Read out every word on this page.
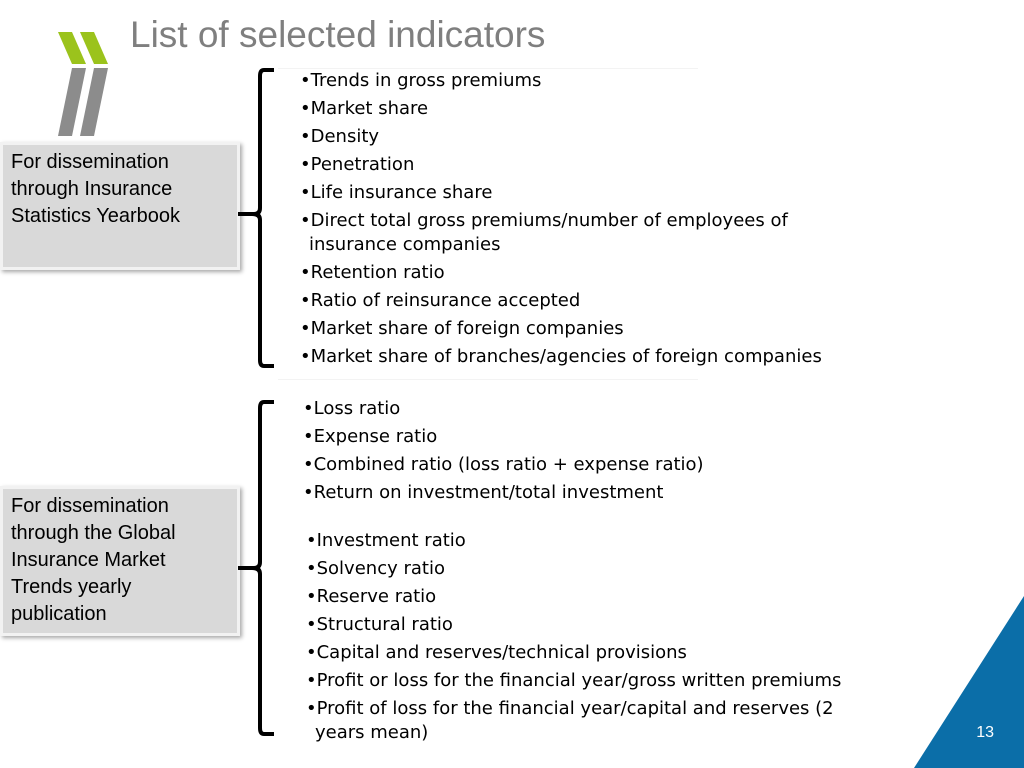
List of selected indicators
For dissemination through Insurance Statistics Yearbook
For dissemination through the Global Insurance Market Trends yearly publication
•Trends in gross premiums
•Market share
•Density
•Penetration
•Life insurance share
•Direct total gross premiums/number of employees of insurance companies
•Retention ratio
•Ratio of reinsurance accepted
•Market share of foreign companies
•Market share of branches/agencies of foreign companies
•Loss ratio
•Expense ratio
•Combined ratio (loss ratio + expense ratio)
•Return on investment/total investment
•Investment ratio
•Solvency ratio
•Reserve ratio
•Structural ratio
•Capital and reserves/technical provisions
•Profit or loss for the financial year/gross written premiums
•Profit of loss for the financial year/capital and reserves (2 years mean)	13
